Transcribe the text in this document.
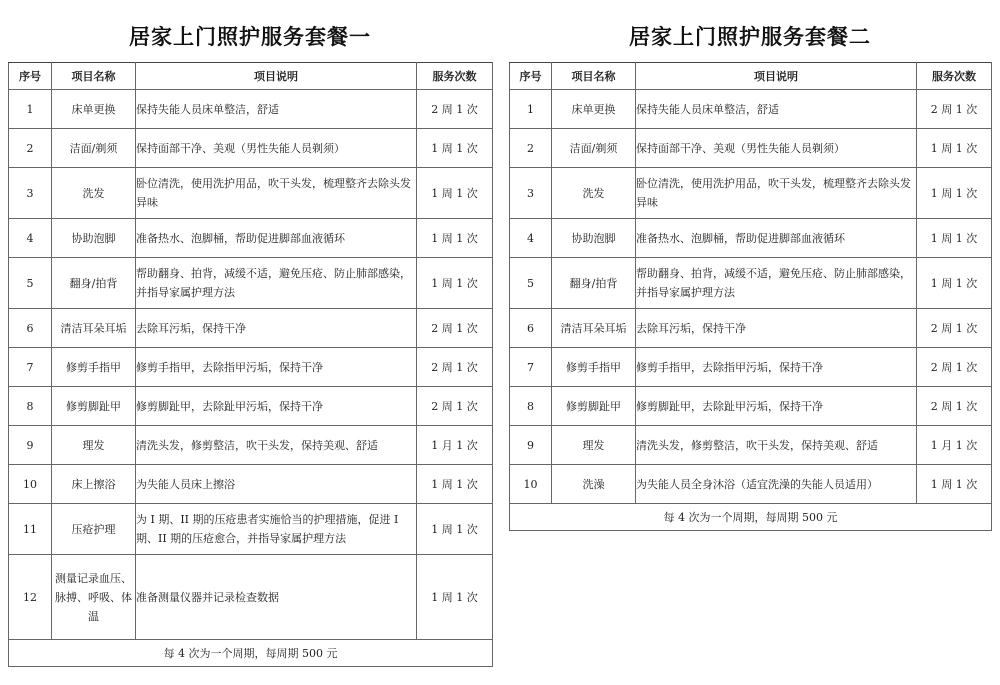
居家上门照护服务套餐一
序号	项目名称	项目说明	服务次数
1	床单更换	保持失能人员床单整洁，舒适	2 周 1 次
2	洁面/剃须	保持面部干净、美观（男性失能人员剃须）	1 周 1 次
3	洗发	卧位清洗，使用洗护用品，吹干头发，梳理整齐去除头发异味	1 周 1 次
4	协助泡脚	准备热水、泡脚桶，帮助促进脚部血液循环	1 周 1 次
5	翻身/拍背	帮助翻身、拍背，减缓不适，避免压疮、防止肺部感染，并指导家属护理方法	1 周 1 次
6	清洁耳朵耳垢	去除耳污垢，保持干净	2 周 1 次
7	修剪手指甲	修剪手指甲，去除指甲污垢，保持干净	2 周 1 次
8	修剪脚趾甲	修剪脚趾甲，去除趾甲污垢，保持干净	2 周 1 次
9	理发	清洗头发，修剪整洁，吹干头发，保持美观、舒适	1 月 1 次
10	床上擦浴	为失能人员床上擦浴	1 周 1 次
11	压疮护理	为 I 期、II 期的压疮患者实施恰当的护理措施，促进 I 期、II 期的压疮愈合，并指导家属护理方法	1 周 1 次
12	测量记录血压、脉搏、呼吸、体温	准备测量仪器并记录检查数据	1 周 1 次
每 4 次为一个周期，每周期 500 元			
居家上门照护服务套餐二
序号	项目名称	项目说明	服务次数
1	床单更换	保持失能人员床单整洁，舒适	2 周 1 次
2	洁面/剃须	保持面部干净、美观（男性失能人员剃须）	1 周 1 次
3	洗发	卧位清洗，使用洗护用品，吹干头发，梳理整齐去除头发异味	1 周 1 次
4	协助泡脚	准备热水、泡脚桶，帮助促进脚部血液循环	1 周 1 次
5	翻身/拍背	帮助翻身、拍背，减缓不适，避免压疮、防止肺部感染，并指导家属护理方法	1 周 1 次
6	清洁耳朵耳垢	去除耳污垢，保持干净	2 周 1 次
7	修剪手指甲	修剪手指甲，去除指甲污垢，保持干净	2 周 1 次
8	修剪脚趾甲	修剪脚趾甲，去除趾甲污垢，保持干净	2 周 1 次
9	理发	清洗头发，修剪整洁，吹干头发，保持美观、舒适	1 月 1 次
10	洗澡	为失能人员全身沐浴（适宜洗澡的失能人员适用）	1 周 1 次
每 4 次为一个周期，每周期 500 元			
